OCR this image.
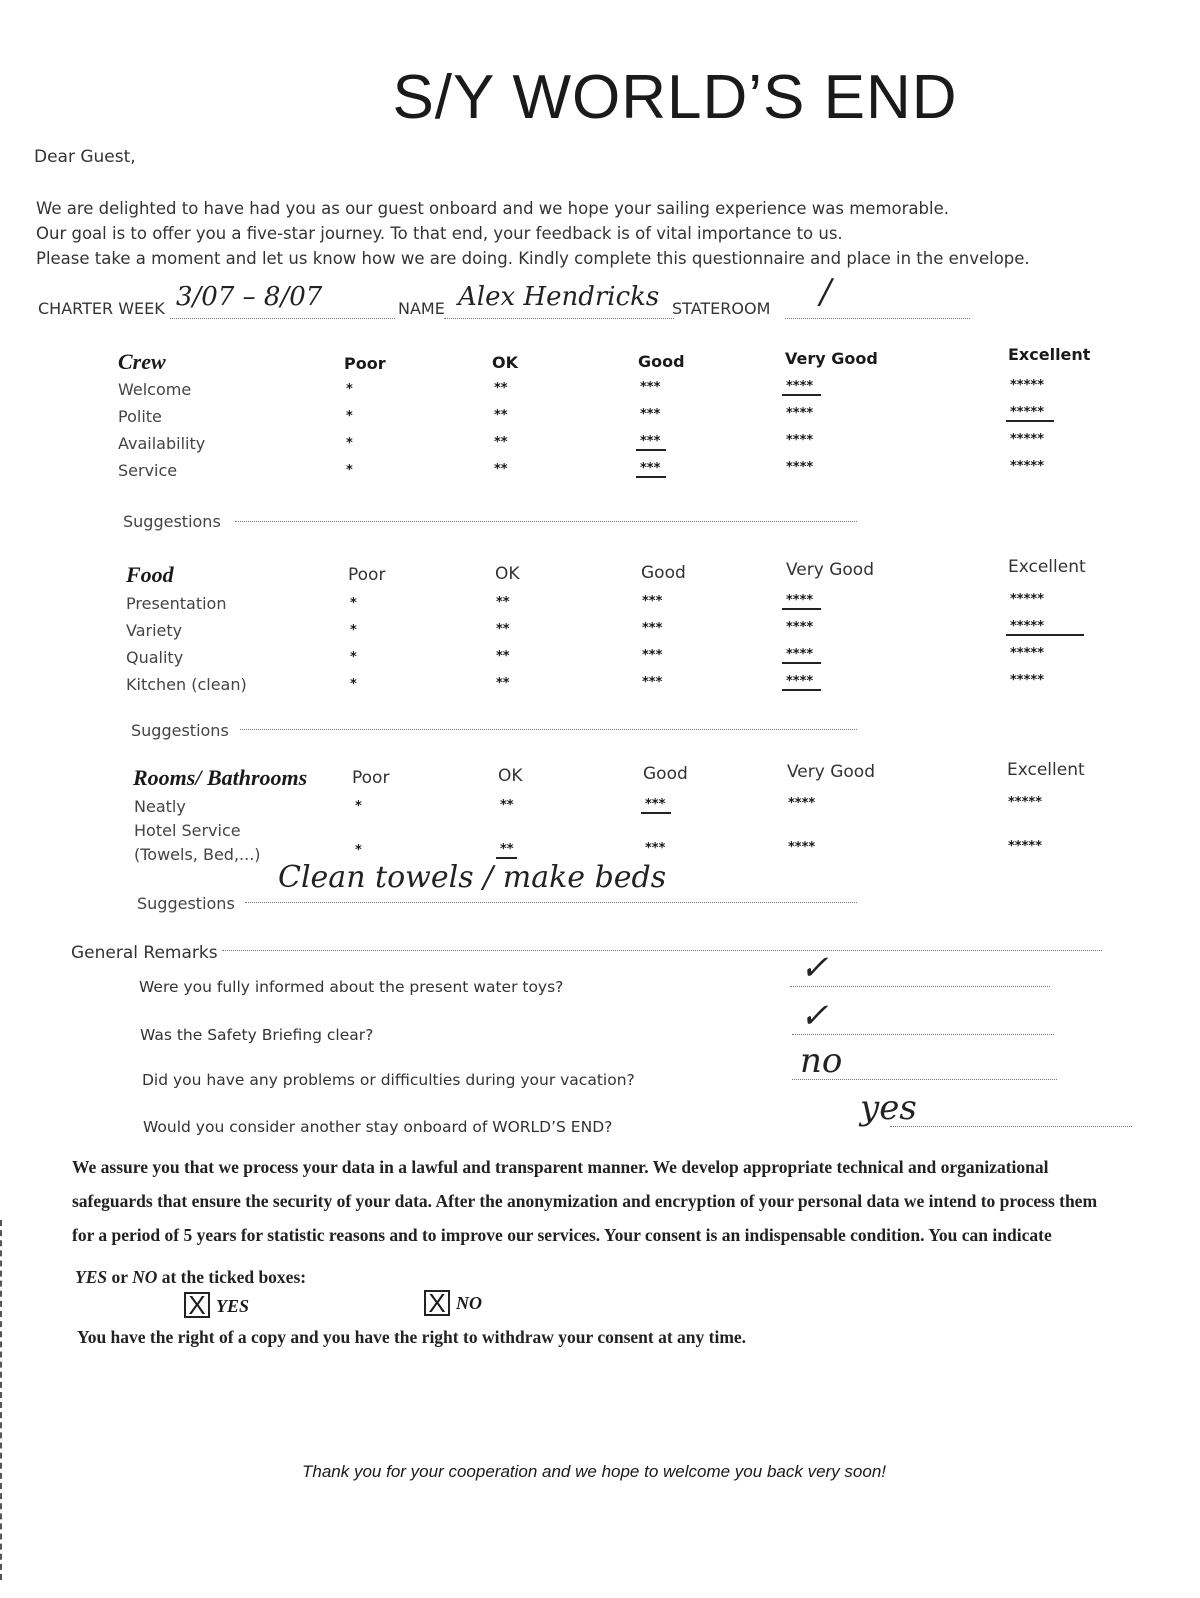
S/Y WORLD’S END
Dear Guest,
We are delighted to have had you as our guest onboard and we hope your sailing experience was memorable.
Our goal is to offer you a five-star journey. To that end, your feedback is of vital importance to us.
Please take a moment and let us know how we are doing. Kindly complete this questionnaire and place in the envelope.
CHARTER WEEK 3/07 – 8/07	NAME Alex Hendricks STATEROOM /
Crew	Poor	OK	Good	Very Good	Excellent
Welcome	*	**	***	****	*****
Polite	*	**	***	****	*****
Availability	*	**	***	****	*****
Service	*	**	***	****	*****
Suggestions
Food	Poor	OK	Good	Very Good	Excellent
Presentation	*	**	***	****	*****
Variety	*	**	***	****	*****
Quality	*	**	***	****	*****
Kitchen (clean)	*	**	***	****	*****
Suggestions
Rooms/ Bathrooms	Poor	OK	Good	Very Good	Excellent
Neatly	*	**	***	****	*****
Hotel Service
(Towels, Bed,...)	*	**	***	****	*****
Suggestions
Clean towels / make beds
General Remarks
Were you fully informed about the present water toys?	✓
Was the Safety Briefing clear?	✓
Did you have any problems or difficulties during your vacation?	no
Would you consider another stay onboard of WORLD’S END?	yes
We assure you that we process your data in a lawful and transparent manner. We develop appropriate technical and organizational
safeguards that ensure the security of your data. After the anonymization and encryption of your personal data we intend to process them
for a period of 5 years for statistic reasons and to improve our services. Your consent is an indispensable condition. You can indicate
YES or NO at the ticked boxes:
X YES	X NO
You have the right of a copy and you have the right to withdraw your consent at any time.
Thank you for your cooperation and we hope to welcome you back very soon!
